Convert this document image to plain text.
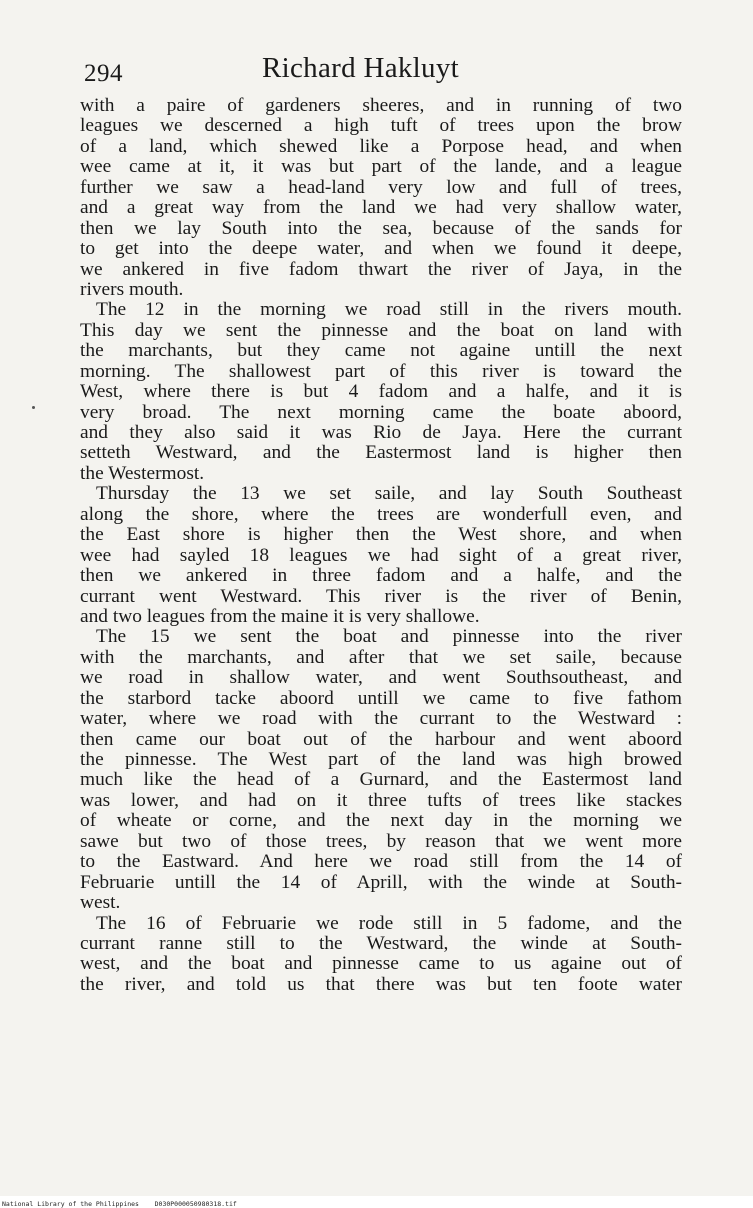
294	Richard Hakluyt
with a paire of gardeners sheeres, and in running of two
leagues we descerned a high tuft of trees upon the brow
of a land, which shewed like a Porpose head, and when
wee came at it, it was but part of the lande, and a league
further we saw a head-land very low and full of trees,
and a great way from the land we had very shallow water,
then we lay South into the sea, because of the sands for
to get into the deepe water, and when we found it deepe,
we ankered in five fadom thwart the river of Jaya, in the
rivers mouth.
The 12 in the morning we road still in the rivers mouth.
This day we sent the pinnesse and the boat on land with
the marchants, but they came not againe untill the next
morning. The shallowest part of this river is toward the
West, where there is but 4 fadom and a halfe, and it is
very broad. The next morning came the boate aboord,
and they also said it was Rio de Jaya. Here the currant
setteth Westward, and the Eastermost land is higher then
the Westermost.
Thursday the 13 we set saile, and lay South Southeast
along the shore, where the trees are wonderfull even, and
the East shore is higher then the West shore, and when
wee had sayled 18 leagues we had sight of a great river,
then we ankered in three fadom and a halfe, and the
currant went Westward. This river is the river of Benin,
and two leagues from the maine it is very shallowe.
The 15 we sent the boat and pinnesse into the river
with the marchants, and after that we set saile, because
we road in shallow water, and went Southsoutheast, and
the starbord tacke aboord untill we came to five fathom
water, where we road with the currant to the Westward :
then came our boat out of the harbour and went aboord
the pinnesse. The West part of the land was high browed
much like the head of a Gurnard, and the Eastermost land
was lower, and had on it three tufts of trees like stackes
of wheate or corne, and the next day in the morning we
sawe but two of those trees, by reason that we went more
to the Eastward. And here we road still from the 14 of
Februarie untill the 14 of Aprill, with the winde at South-
west.
The 16 of Februarie we rode still in 5 fadome, and the
currant ranne still to the Westward, the winde at South-
west, and the boat and pinnesse came to us againe out of
the river, and told us that there was but ten foote water
National Library of the Philippines    D030P000050980318.tif
